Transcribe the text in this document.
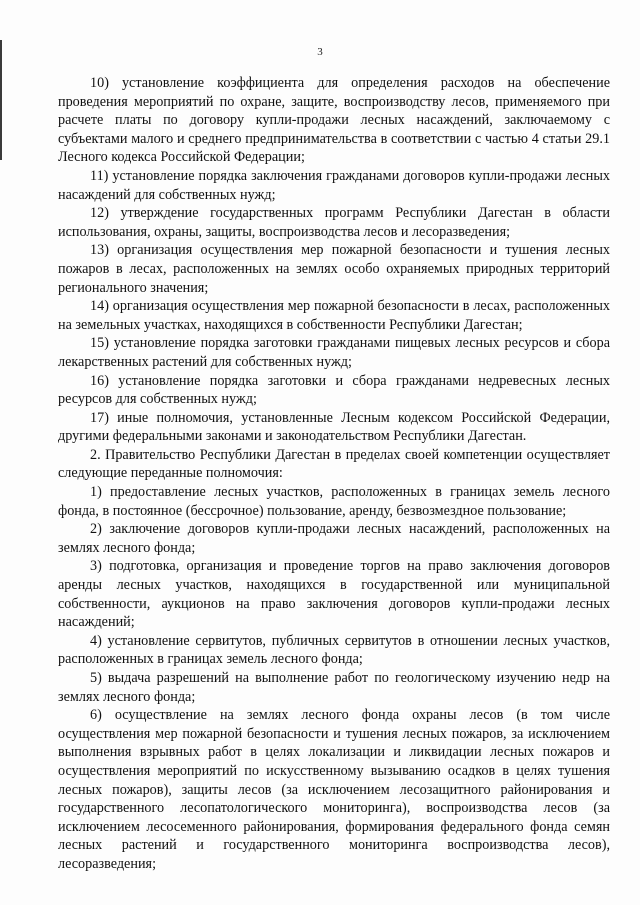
3

10) установление коэффициента для определения расходов на обеспечение проведения мероприятий по охране, защите, воспроизводству лесов, применяемого при расчете платы по договору купли-продажи лесных насаждений, заключаемому с субъектами малого и среднего предпринимательства в соответствии с частью 4 статьи 29.1 Лесного кодекса Российской Федерации;

11) установление порядка заключения гражданами договоров купли-продажи лесных насаждений для собственных нужд;

12) утверждение государственных программ Республики Дагестан в области использования, охраны, защиты, воспроизводства лесов и лесоразведения;

13) организация осуществления мер пожарной безопасности и тушения лесных пожаров в лесах, расположенных на землях особо охраняемых природных территорий регионального значения;

14) организация осуществления мер пожарной безопасности в лесах, расположенных на земельных участках, находящихся в собственности Республики Дагестан;

15) установление порядка заготовки гражданами пищевых лесных ресурсов и сбора лекарственных растений для собственных нужд;

16) установление порядка заготовки и сбора гражданами недревесных лесных ресурсов для собственных нужд;

17) иные полномочия, установленные Лесным кодексом Российской Федерации, другими федеральными законами и законодательством Республики Дагестан.

2. Правительство Республики Дагестан в пределах своей компетенции осуществляет следующие переданные полномочия:

1) предоставление лесных участков, расположенных в границах земель лесного фонда, в постоянное (бессрочное) пользование, аренду, безвозмездное пользование;

2) заключение договоров купли-продажи лесных насаждений, расположенных на землях лесного фонда;

3) подготовка, организация и проведение торгов на право заключения договоров аренды лесных участков, находящихся в государственной или муниципальной собственности, аукционов на право заключения договоров купли-продажи лесных насаждений;

4) установление сервитутов, публичных сервитутов в отношении лесных участков, расположенных в границах земель лесного фонда;

5) выдача разрешений на выполнение работ по геологическому изучению недр на землях лесного фонда;

6) осуществление на землях лесного фонда охраны лесов (в том числе осуществления мер пожарной безопасности и тушения лесных пожаров, за исключением выполнения взрывных работ в целях локализации и ликвидации лесных пожаров и осуществления мероприятий по искусственному вызыванию осадков в целях тушения лесных пожаров), защиты лесов (за исключением лесозащитного районирования и государственного лесопатологического мониторинга), воспроизводства лесов (за исключением лесосеменного районирования, формирования федерального фонда семян лесных растений и государственного мониторинга воспроизводства лесов), лесоразведения;
